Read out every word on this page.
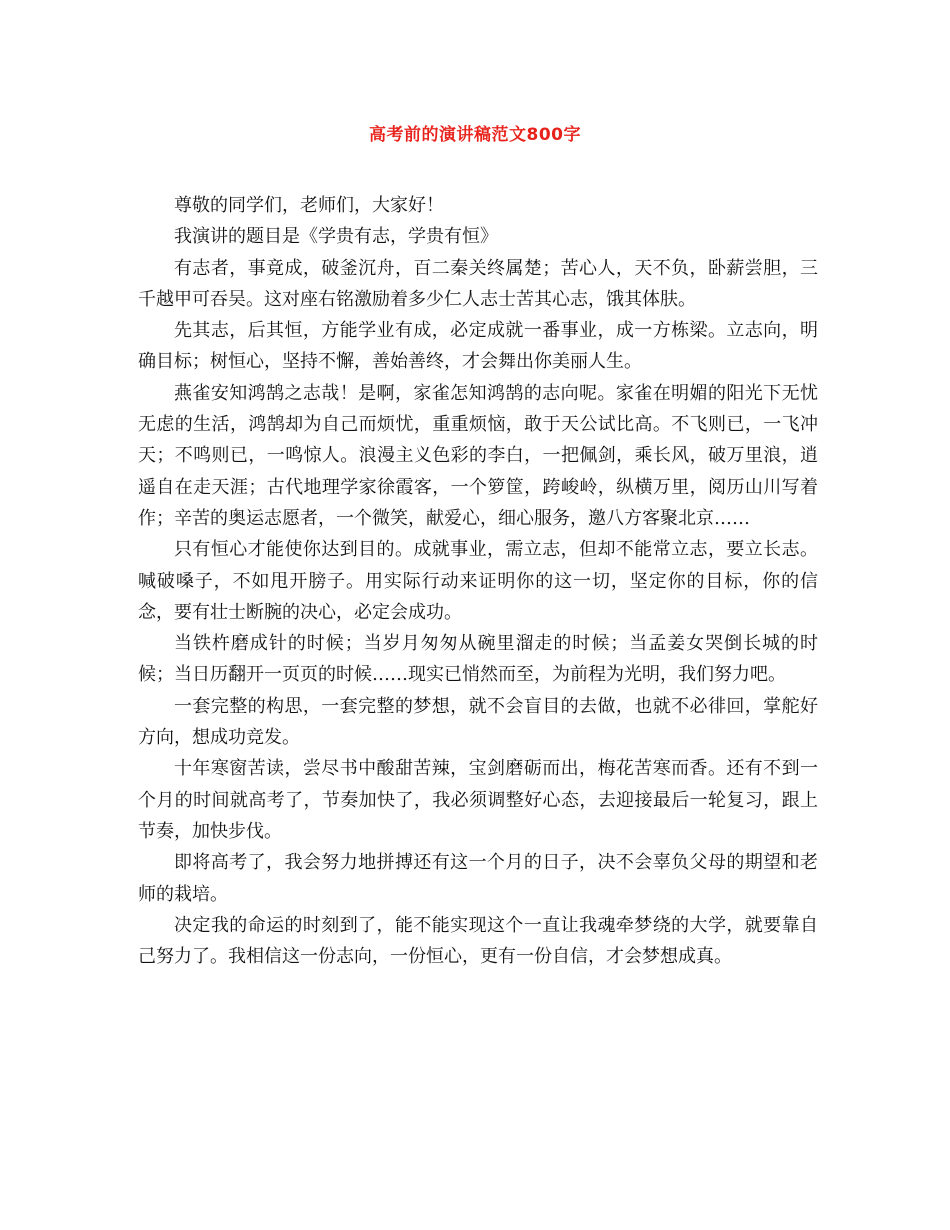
高考前的演讲稿范文800字

尊敬的同学们，老师们，大家好！

我演讲的题目是《学贵有志，学贵有恒》

有志者，事竟成，破釜沉舟，百二秦关终属楚；苦心人，天不负，卧薪尝胆，三千越甲可吞吴。这对座右铭激励着多少仁人志士苦其心志，饿其体肤。

先其志，后其恒，方能学业有成，必定成就一番事业，成一方栋梁。立志向，明确目标；树恒心，坚持不懈，善始善终，才会舞出你美丽人生。

燕雀安知鸿鹄之志哉！是啊，家雀怎知鸿鹄的志向呢。家雀在明媚的阳光下无忧无虑的生活，鸿鹄却为自己而烦忧，重重烦恼，敢于天公试比高。不飞则已，一飞冲天；不鸣则已，一鸣惊人。浪漫主义色彩的李白，一把佩剑，乘长风，破万里浪，逍遥自在走天涯；古代地理学家徐霞客，一个箩筐，跨峻岭，纵横万里，阅历山川写着作；辛苦的奥运志愿者，一个微笑，献爱心，细心服务，邀八方客聚北京……

只有恒心才能使你达到目的。成就事业，需立志，但却不能常立志，要立长志。喊破嗓子，不如甩开膀子。用实际行动来证明你的这一切，坚定你的目标，你的信念，要有壮士断腕的决心，必定会成功。

当铁杵磨成针的时候；当岁月匆匆从碗里溜走的时候；当孟姜女哭倒长城的时候；当日历翻开一页页的时候……现实已悄然而至，为前程为光明，我们努力吧。

一套完整的构思，一套完整的梦想，就不会盲目的去做，也就不必徘回，掌舵好方向，想成功竞发。

十年寒窗苦读，尝尽书中酸甜苦辣，宝剑磨砺而出，梅花苦寒而香。还有不到一个月的时间就高考了，节奏加快了，我必须调整好心态，去迎接最后一轮复习，跟上节奏，加快步伐。

即将高考了，我会努力地拼搏还有这一个月的日子，决不会辜负父母的期望和老师的栽培。

决定我的命运的时刻到了，能不能实现这个一直让我魂牵梦绕的大学，就要靠自己努力了。我相信这一份志向，一份恒心，更有一份自信，才会梦想成真。
